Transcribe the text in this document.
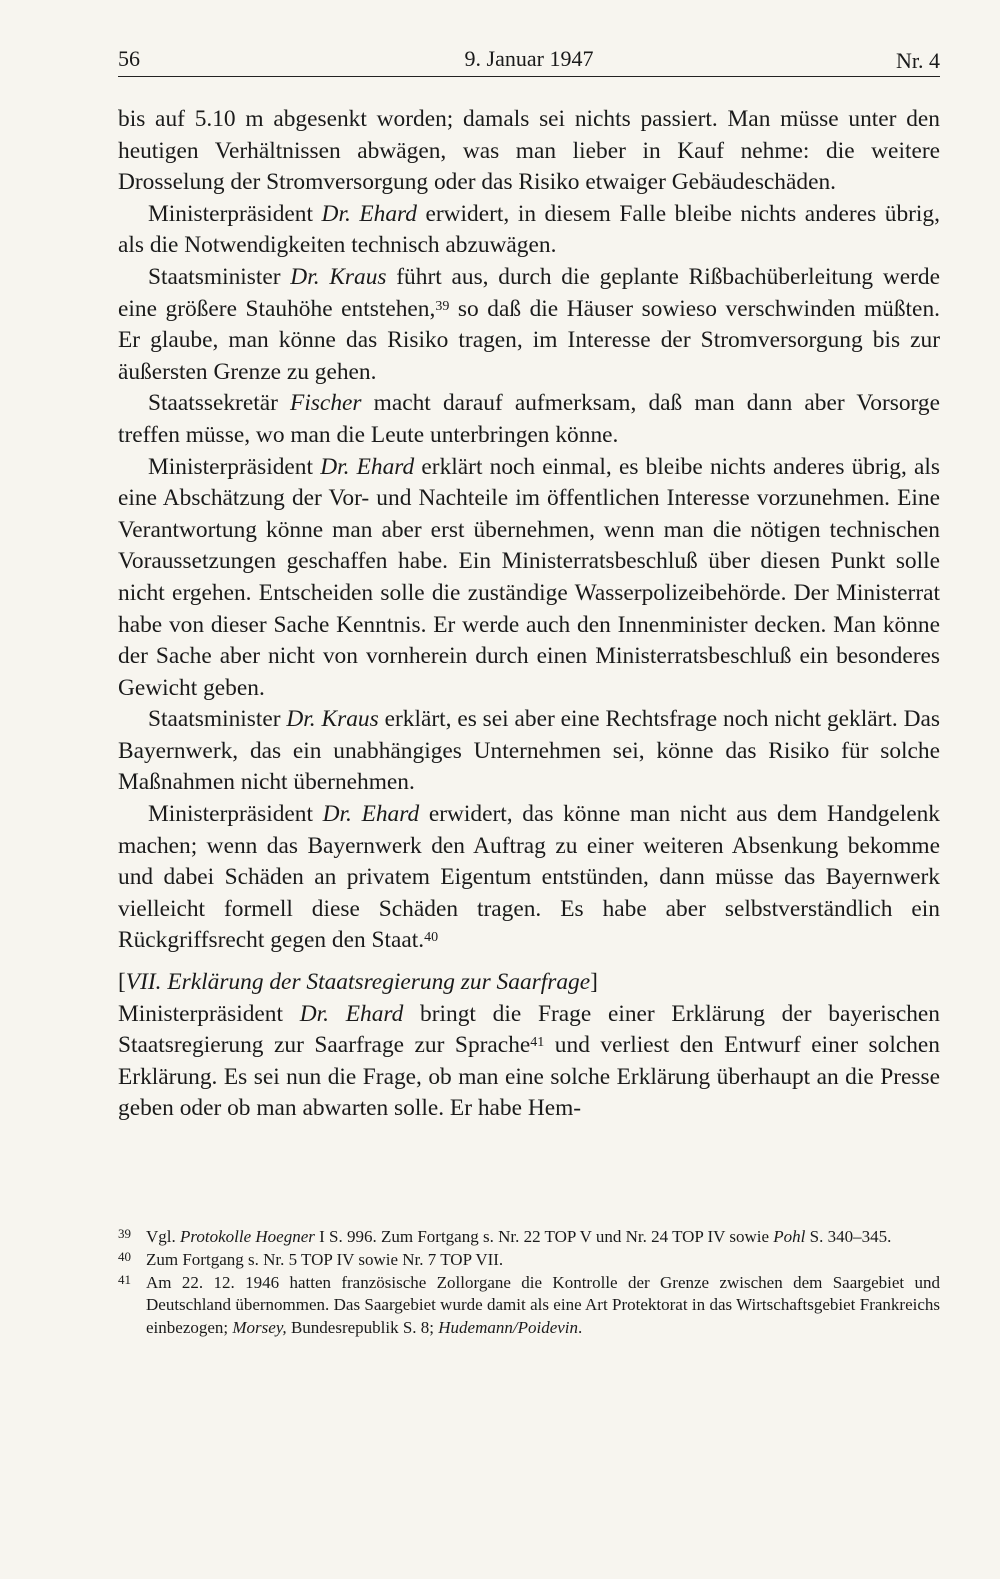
56	9. Januar 1947	Nr. 4

bis auf 5.10 m abgesenkt worden; damals sei nichts passiert. Man müsse unter den heutigen Verhältnissen abwägen, was man lieber in Kauf nehme: die weitere Drosselung der Stromversorgung oder das Risiko etwaiger Gebäudeschäden.

Ministerpräsident Dr. Ehard erwidert, in diesem Falle bleibe nichts anderes übrig, als die Notwendigkeiten technisch abzuwägen.

Staatsminister Dr. Kraus führt aus, durch die geplante Rißbachüberleitung werde eine größere Stauhöhe entstehen,$^{39}$ so daß die Häuser sowieso verschwinden müßten. Er glaube, man könne das Risiko tragen, im Interesse der Stromversorgung bis zur äußersten Grenze zu gehen.

Staatssekretär Fischer macht darauf aufmerksam, daß man dann aber Vorsorge treffen müsse, wo man die Leute unterbringen könne.

Ministerpräsident Dr. Ehard erklärt noch einmal, es bleibe nichts anderes übrig, als eine Abschätzung der Vor- und Nachteile im öffentlichen Interesse vorzunehmen. Eine Verantwortung könne man aber erst übernehmen, wenn man die nötigen technischen Voraussetzungen geschaffen habe. Ein Ministerratsbeschluß über diesen Punkt solle nicht ergehen. Entscheiden solle die zuständige Wasserpolizeibehörde. Der Ministerrat habe von dieser Sache Kenntnis. Er werde auch den Innenminister decken. Man könne der Sache aber nicht von vornherein durch einen Ministerratsbeschluß ein besonderes Gewicht geben.

Staatsminister Dr. Kraus erklärt, es sei aber eine Rechtsfrage noch nicht geklärt. Das Bayernwerk, das ein unabhängiges Unternehmen sei, könne das Risiko für solche Maßnahmen nicht übernehmen.

Ministerpräsident Dr. Ehard erwidert, das könne man nicht aus dem Handgelenk machen; wenn das Bayernwerk den Auftrag zu einer weiteren Absenkung bekomme und dabei Schäden an privatem Eigentum entstünden, dann müsse das Bayernwerk vielleicht formell diese Schäden tragen. Es habe aber selbstverständlich ein Rückgriffsrecht gegen den Staat.$^{40}$

[VII. Erklärung der Staatsregierung zur Saarfrage]

Ministerpräsident Dr. Ehard bringt die Frage einer Erklärung der bayerischen Staatsregierung zur Saarfrage zur Sprache$^{41}$ und verliest den Entwurf einer solchen Erklärung. Es sei nun die Frage, ob man eine solche Erklärung überhaupt an die Presse geben oder ob man abwarten solle. Er habe Hem-

39 Vgl. Protokolle Hoegner I S. 996. Zum Fortgang s. Nr. 22 TOP V und Nr. 24 TOP IV sowie Pohl S. 340–345.
40 Zum Fortgang s. Nr. 5 TOP IV sowie Nr. 7 TOP VII.
41 Am 22. 12. 1946 hatten französische Zollorgane die Kontrolle der Grenze zwischen dem Saargebiet und Deutschland übernommen. Das Saargebiet wurde damit als eine Art Protektorat in das Wirtschaftsgebiet Frankreichs einbezogen; Morsey, Bundesrepublik S. 8; Hudemann/Poidevin.
